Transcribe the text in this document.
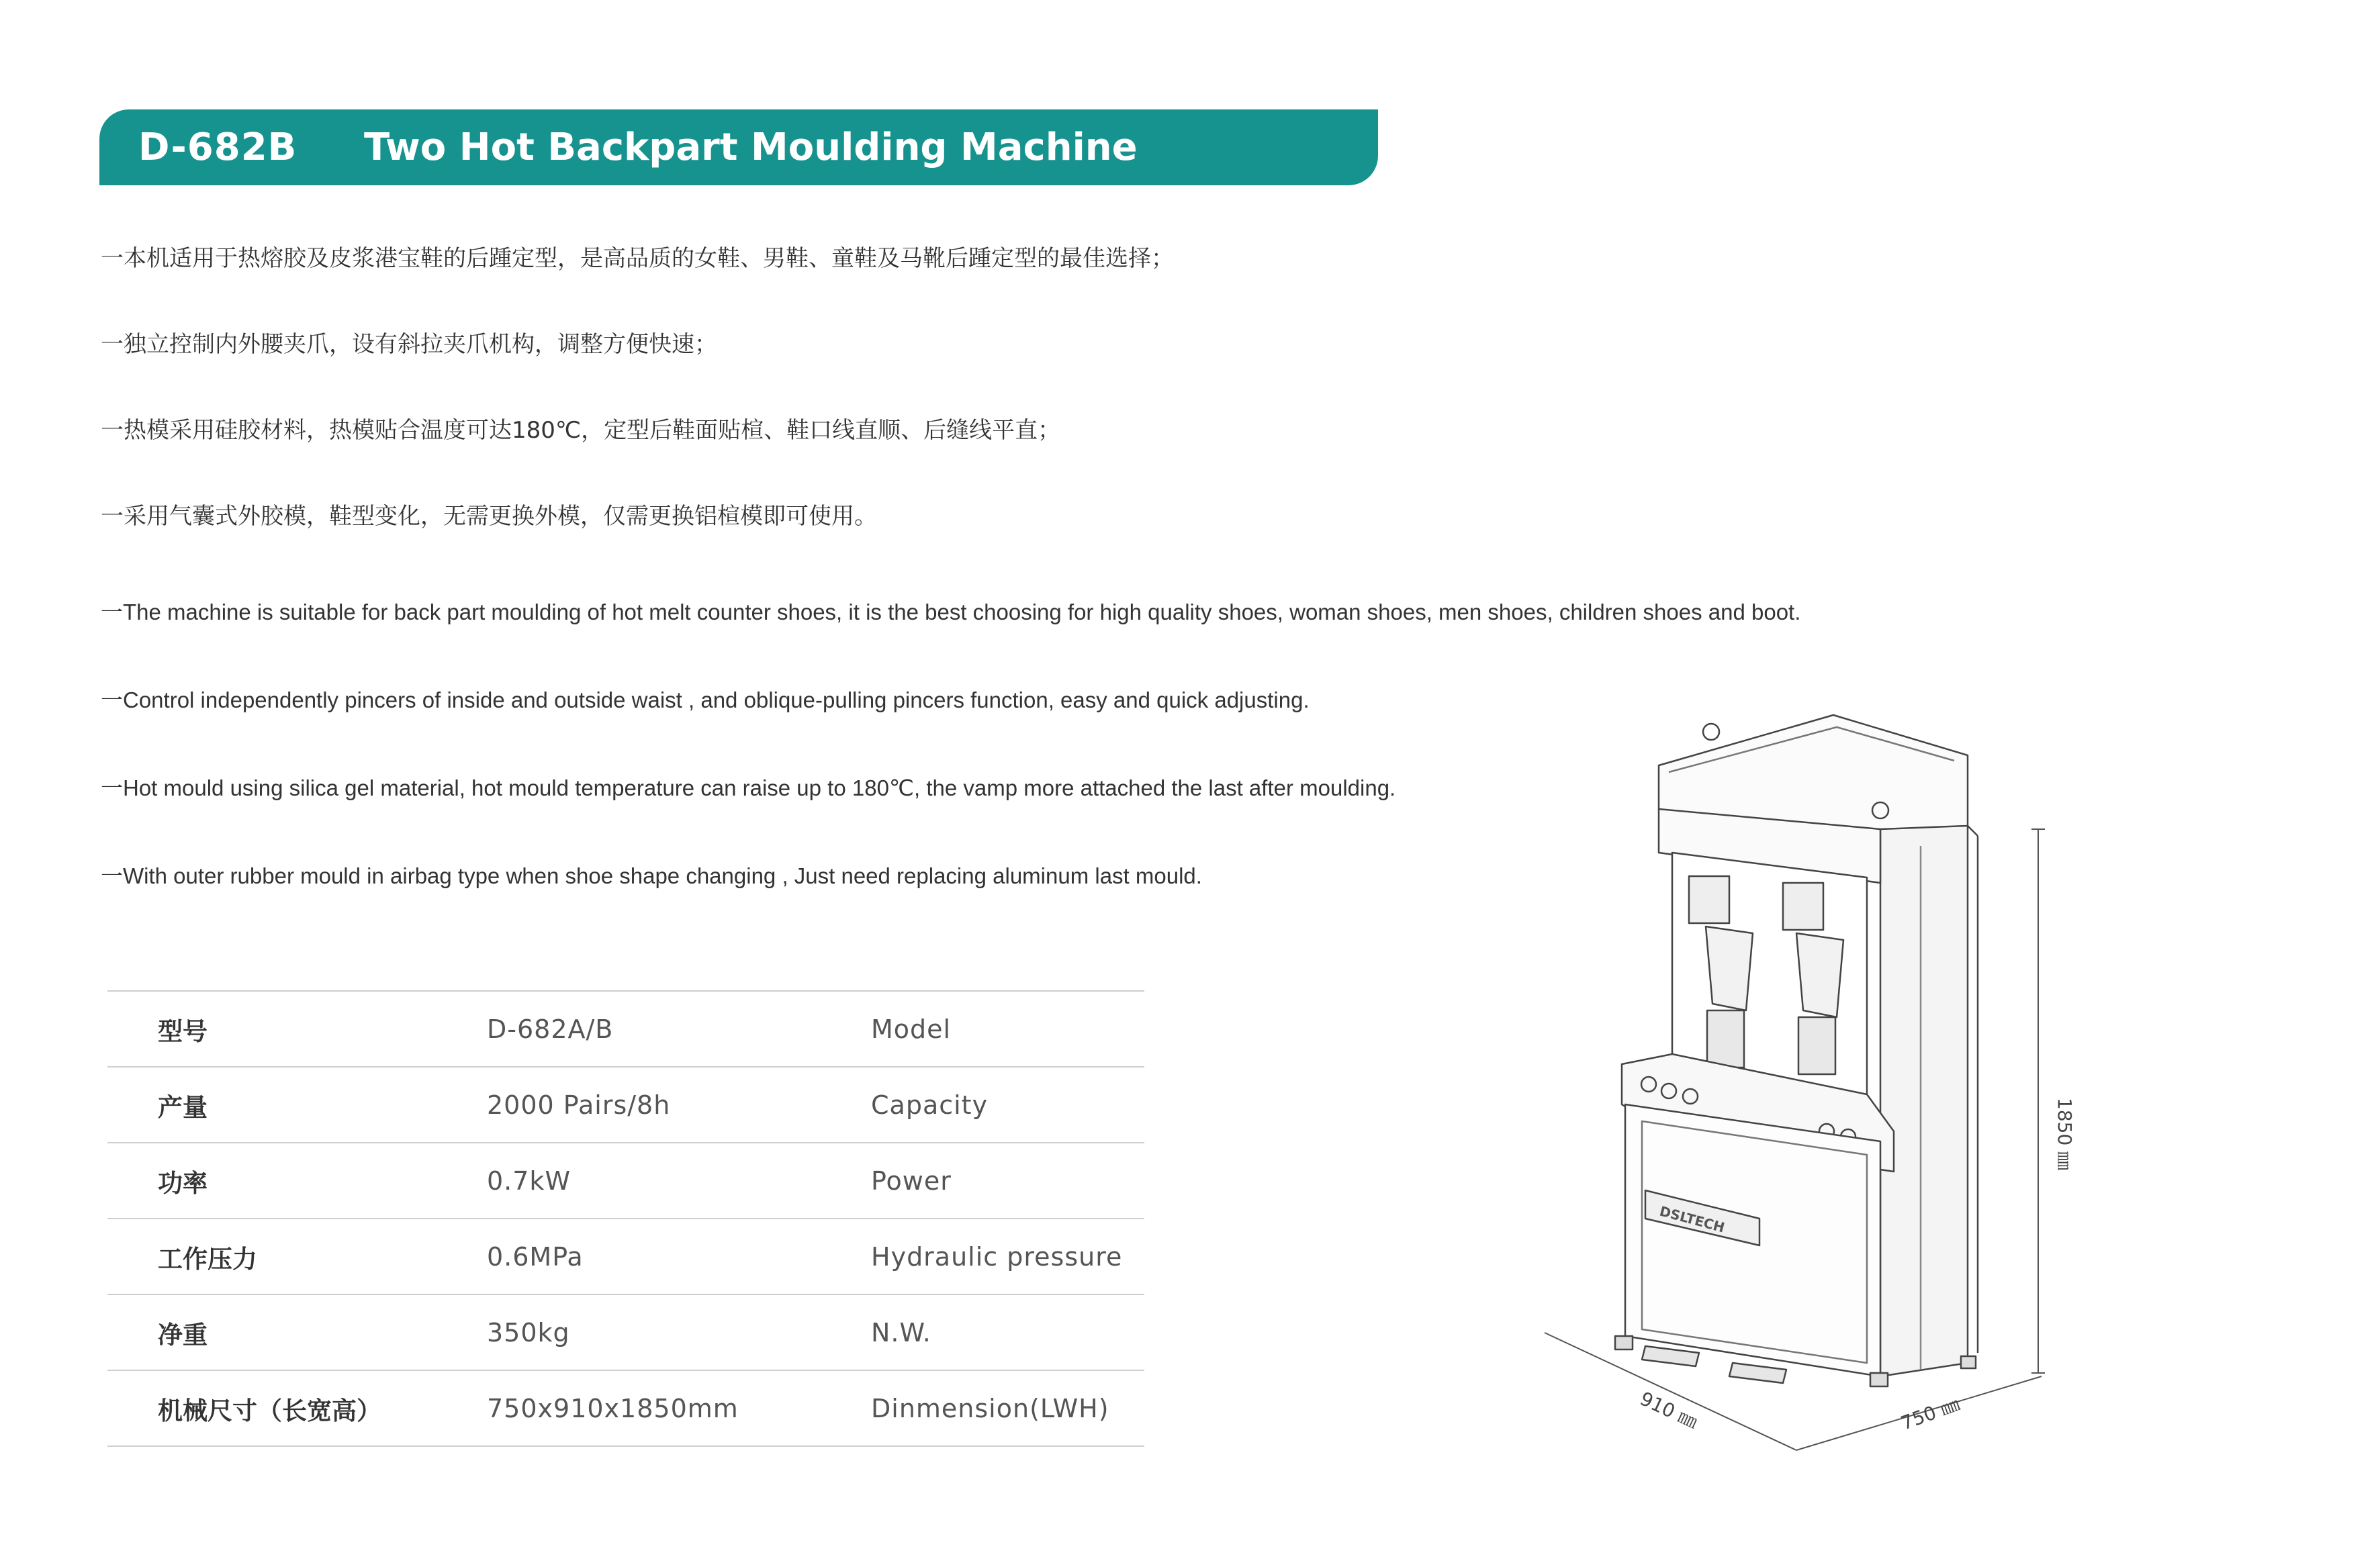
D-682B Two Hot Backpart Moulding Machine
一本机适用于热熔胶及皮浆港宝鞋的后踵定型，是高品质的女鞋、男鞋、童鞋及马靴后踵定型的最佳选择；
一独立控制内外腰夹爪，设有斜拉夹爪机构，调整方便快速；
一热模采用硅胶材料，热模贴合温度可达180℃，定型后鞋面贴楦、鞋口线直顺、后缝线平直；
一采用气囊式外胶模，鞋型变化，无需更换外模，仅需更换铝楦模即可使用。
一The machine is suitable for back part moulding of hot melt counter shoes, it is the best choosing for high quality shoes, woman shoes, men shoes, children shoes and boot.
一Control independently pincers of inside and outside waist , and oblique-pulling pincers function, easy and quick adjusting.
一Hot mould using silica gel material, hot mould temperature can raise up to 180℃, the vamp more attached the last after moulding.
一With outer rubber mould in airbag type when shoe shape changing , Just need replacing aluminum last mould.
型号	D-682A/B	Model
产量	2000 Pairs/8h	Capacity
功率	0.7kW	Power
工作压力	0.6MPa	Hydraulic pressure
净重	350kg	N.W.
机械尺寸（长宽高）	750x910x1850mm	Dinmension(LWH)
1850 ㎜
910 ㎜	750 ㎜
DSLTECH
